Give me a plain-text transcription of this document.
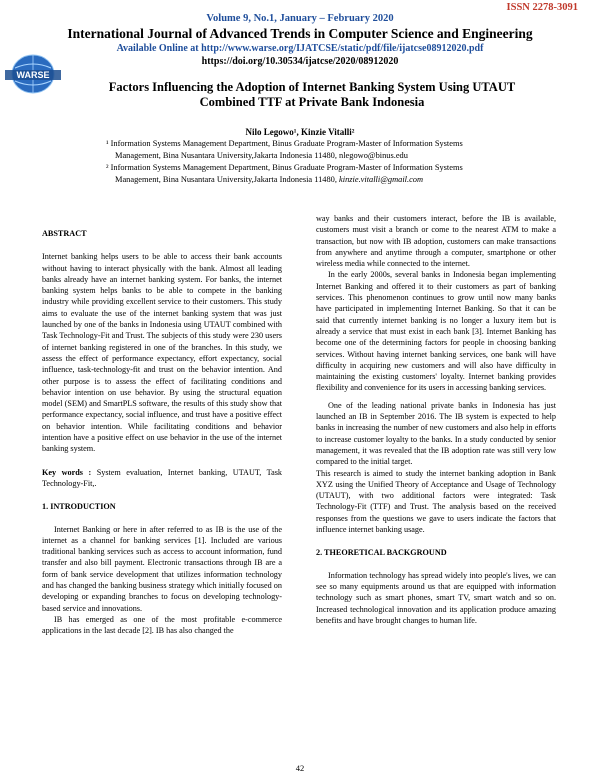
ISSN 2278-3091
Volume 9, No.1, January – February 2020
International Journal of Advanced Trends in Computer Science and Engineering
Available Online at http://www.warse.org/IJATCSE/static/pdf/file/ijatcse08912020.pdf
https://doi.org/10.30534/ijatcse/2020/08912020
WARSE
Factors Influencing the Adoption of Internet Banking System Using UTAUT
Combined TTF at Private Bank Indonesia
Nilo Legowo¹, Kinzie Vitalli²
¹ Information Systems Management Department, Binus Graduate Program-Master of Information Systems
Management, Bina Nusantara University,Jakarta Indonesia 11480, nlegowo@binus.edu
² Information Systems Management Department, Binus Graduate Program-Master of Information Systems
Management, Bina Nusantara University,Jakarta Indonesia 11480, kinzie.vitalli@gmail.com

ABSTRACT

Internet banking helps users to be able to access their bank accounts without having to interact physically with the bank. Almost all leading banks already have an internet banking system. For banks, the internet banking system helps banks to be able to compete in the banking industry while providing excellent service to their customers. This study aims to evaluate the use of the internet banking system that was just launched by one of the banks in Indonesia using UTAUT combined with Task Technology-Fit and Trust. The subjects of this study were 230 users of internet banking registered in one of the branches. In this study, we assess the effect of performance expectancy, effort expectancy, social influence, task-technology-fit and trust on the behavior intention. And other purpose is to assess the effect of facilitating conditions and behavior intention on use behavior. By using the structural equation model (SEM) and SmartPLS software, the results of this study show that performance expectancy, social influence, and trust have a positive effect on behavior intention. While facilitating conditions and behavior intention have a positive effect on use behavior in the use of the internet banking system.

Key words : System evaluation, Internet banking, UTAUT, Task Technology-Fit,.

1. INTRODUCTION

Internet Banking or here in after referred to as IB is the use of the internet as a channel for banking services [1]. Included are various traditional banking services such as access to account information, fund transfer and also bill payment. Electronic transactions through IB are a form of bank service development that utilizes information technology and has changed the banking business strategy which initially focused on developing or expanding branches to focus on developing technology-based service and innovations.

IB has emerged as one of the most profitable e-commerce applications in the last decade [2]. IB has also changed the

way banks and their customers interact, before the IB is available, customers must visit a branch or come to the nearest ATM to make a transaction, but now with IB adoption, customers can make transactions from anywhere and anytime through a computer, smartphone or other wireless media while connected to the internet.

In the early 2000s, several banks in Indonesia began implementing Internet Banking and offered it to their customers as part of banking services. This phenomenon continues to grow until now many banks have participated in implementing Internet Banking. So that it can be said that currently internet banking is no longer a luxury item but is already a service that must exist in each bank [3]. Internet Banking has become one of the determining factors for people in choosing banking services. Without having internet banking services, one bank will have difficulty in acquiring new customers and will also have difficulty in maintaining the existing customers' loyalty. Internet banking provides flexibility and convenience for its users in accessing banking services.

One of the leading national private banks in Indonesia has just launched an IB in September 2016. The IB system is expected to help banks in increasing the number of new customers and also help in efforts to increase customer loyalty to the banks. In a study conducted by senior management, it was revealed that the IB adoption rate was still very low compared to the initial target.

This research is aimed to study the internet banking adoption in Bank XYZ using the Unified Theory of Acceptance and Usage of Technology (UTAUT), with two additional factors were integrated: Task Technology-Fit (TTF) and Trust. The analysis based on the received responses from the questions we gave to users indicate the factors that influence internet banking usage.

2. THEORETICAL BACKGROUND

Information technology has spread widely into people's lives, we can see so many equipments around us that are equipped with information technology such as smart phones, smart TV, smart watch and so on. Increased technological innovation and its application produce amazing benefits and have brought changes to human life.

42
